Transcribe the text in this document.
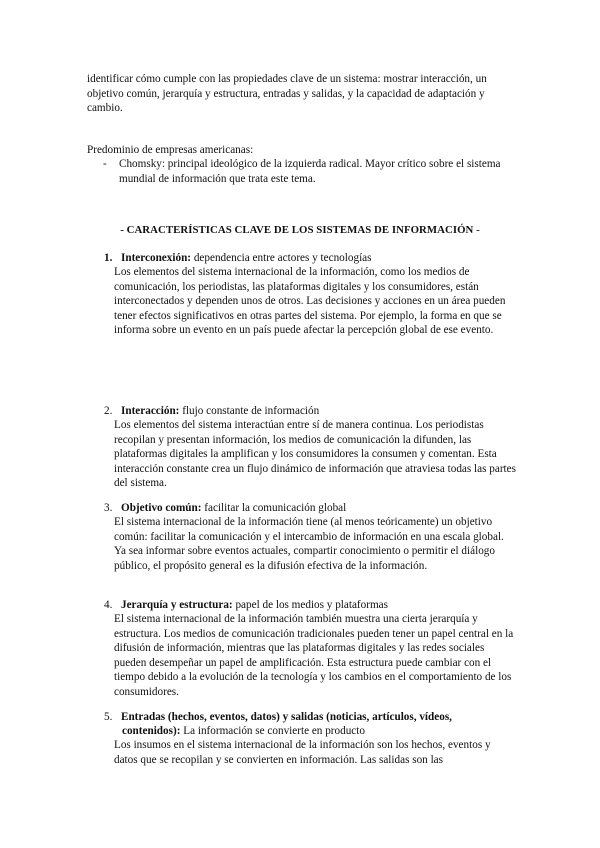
identificar cómo cumple con las propiedades clave de un sistema: mostrar interacción, un objetivo común, jerarquía y estructura, entradas y salidas, y la capacidad de adaptación y cambio.

Predominio de empresas americanas:
- Chomsky: principal ideológico de la izquierda radical. Mayor crítico sobre el sistema mundial de información que trata este tema.

- CARACTERÍSTICAS CLAVE DE LOS SISTEMAS DE INFORMACIÓN -
1. Interconexión: dependencia entre actores y tecnologías

Los elementos del sistema internacional de la información, como los medios de comunicación, los periodistas, las plataformas digitales y los consumidores, están interconectados y dependen unos de otros. Las decisiones y acciones en un área pueden tener efectos significativos en otras partes del sistema. Por ejemplo, la forma en que se informa sobre un evento en un país puede afectar la percepción global de ese evento.

2. Interacción: flujo constante de información

Los elementos del sistema interactúan entre sí de manera continua. Los periodistas recopilan y presentan información, los medios de comunicación la difunden, las plataformas digitales la amplifican y los consumidores la consumen y comentan. Esta interacción constante crea un flujo dinámico de información que atraviesa todas las partes del sistema.

3. Objetivo común: facilitar la comunicación global

El sistema internacional de la información tiene (al menos teóricamente) un objetivo común: facilitar la comunicación y el intercambio de información en una escala global. Ya sea informar sobre eventos actuales, compartir conocimiento o permitir el diálogo público, el propósito general es la difusión efectiva de la información.

4. Jerarquía y estructura: papel de los medios y plataformas

El sistema internacional de la información también muestra una cierta jerarquía y estructura. Los medios de comunicación tradicionales pueden tener un papel central en la difusión de información, mientras que las plataformas digitales y las redes sociales pueden desempeñar un papel de amplificación. Esta estructura puede cambiar con el tiempo debido a la evolución de la tecnología y los cambios en el comportamiento de los consumidores.

5. Entradas (hechos, eventos, datos) y salidas (noticias, artículos, vídeos,
contenidos): La información se convierte en producto

Los insumos en el sistema internacional de la información son los hechos, eventos y datos que se recopilan y se convierten en información. Las salidas son las
